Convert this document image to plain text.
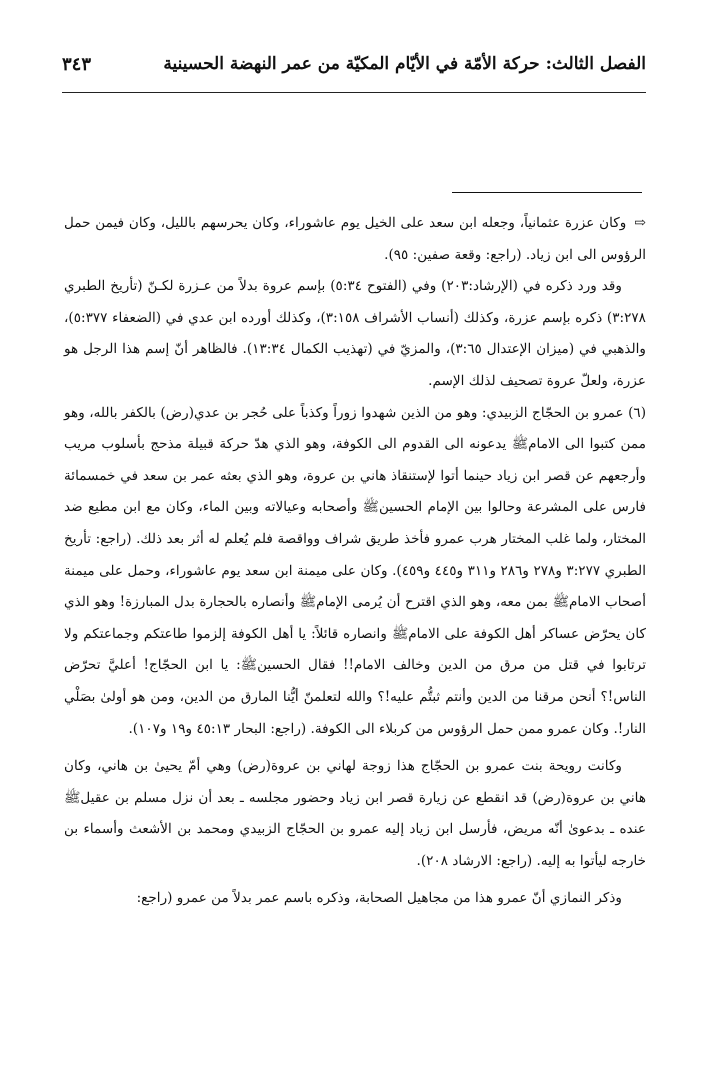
الفصل الثالث: حركة الأمّة في الأيّام المكيّة من عمر النهضة الحسينية
٣٤٣

⇨وكان عزرة عثمانياً، وجعله ابن سعد على الخيل يوم عاشوراء، وكان يحرسهم بالليل، وكان فيمن حمل الرؤوس الى ابن زياد. (راجع: وقعة صفين: ٩٥).

وقد ورد ذكره في (الإرشاد:٢٠٣) وفي (الفتوح ٥:٣٤) بإسم عروة بدلاً من عـزرة لكـنّ (تأريخ الطبري ٣:٢٧٨) ذكره بإسم عزرة، وكذلك (أنساب الأشراف ٣:١٥٨)، وكذلك أورده ابن عدي في (الضعفاء ٥:٣٧٧)، والذهبي في (ميزان الإعتدال ٣:٦٥)، والمزيّ في (تهذيب الكمال ١٣:٣٤). فالظاهر أنّ إسم هذا الرجل هو عزرة، ولعلّ عروة تصحيف لذلك الإسم.

(٦) عمرو بن الحجّاج الزبيدي: وهو من الذين شهدوا زوراً وكذباً على حُجر بن عدي(رض) بالكفر بالله، وهو ممن كتبوا الى الامامﷺ يدعونه الى القدوم الى الكوفة، وهو الذي هدّ حركة قبيلة مذحج بأسلوب مريب وأرجعهم عن قصر ابن زياد حينما أتوا لإستنقاذ هاني بن عروة، وهو الذي بعثه عمر بن سعد في خمسمائة فارس على المشرعة وحالوا بين الإمام الحسينﷺ وأصحابه وعيالاته وبين الماء، وكان مع ابن مطيع ضد المختار، ولما غلب المختار هرب عمرو فأخذ طريق شراف وواقصة فلم يُعلم له أثر بعد ذلك. (راجع: تأريخ الطبري ٣:٢٧٧ و٢٧٨ و٢٨٦ و٣١١ و٤٤٥ و٤٥٩). وكان على ميمنة ابن سعد يوم عاشوراء، وحمل على ميمنة أصحاب الامامﷺ بمن معه، وهو الذي اقترح أن يُرمى الإمامﷺ وأنصاره بالحجارة بدل المبارزة! وهو الذي كان يحرّض عساكر أهل الكوفة على الامامﷺ وانصاره قائلاً: يا أهل الكوفة إلزموا طاعتكم وجماعتكم ولا ترتابوا في قتل من مرق من الدين وخالف الامام!! فقال الحسينﷺ: يا ابن الحجّاج! أعليَّ تحرّض الناس!؟ أنحن مرقنا من الدين وأنتم ثبتُّم عليه!؟ والله لتعلمنّ أيُّنا المارق من الدين، ومن هو أولىٰ بصَلْي النار!. وكان عمرو ممن حمل الرؤوس من كربلاء الى الكوفة. (راجع: البحار ٤٥:١٣ و١٩ و١٠٧).

وكانت رويحة بنت عمرو بن الحجّاج هذا زوجة لهاني بن عروة(رض) وهي أمّ يحيىٰ بن هاني، وكان هاني بن عروة(رض) قد انقطع عن زيارة قصر ابن زياد وحضور مجلسه ـ بعد أن نزل مسلم بن عقيلﷺ عنده ـ بدعوىٰ أنّه مريض، فأرسل ابن زياد إليه عمرو بن الحجّاج الزبيدي ومحمد بن الأشعث وأسماء بن خارجه ليأتوا به إليه. (راجع: الارشاد ٢٠٨).

وذكر النمازي أنّ عمرو هذا من مجاهيل الصحابة، وذكره باسم عمر بدلاً من عمرو (راجع:
